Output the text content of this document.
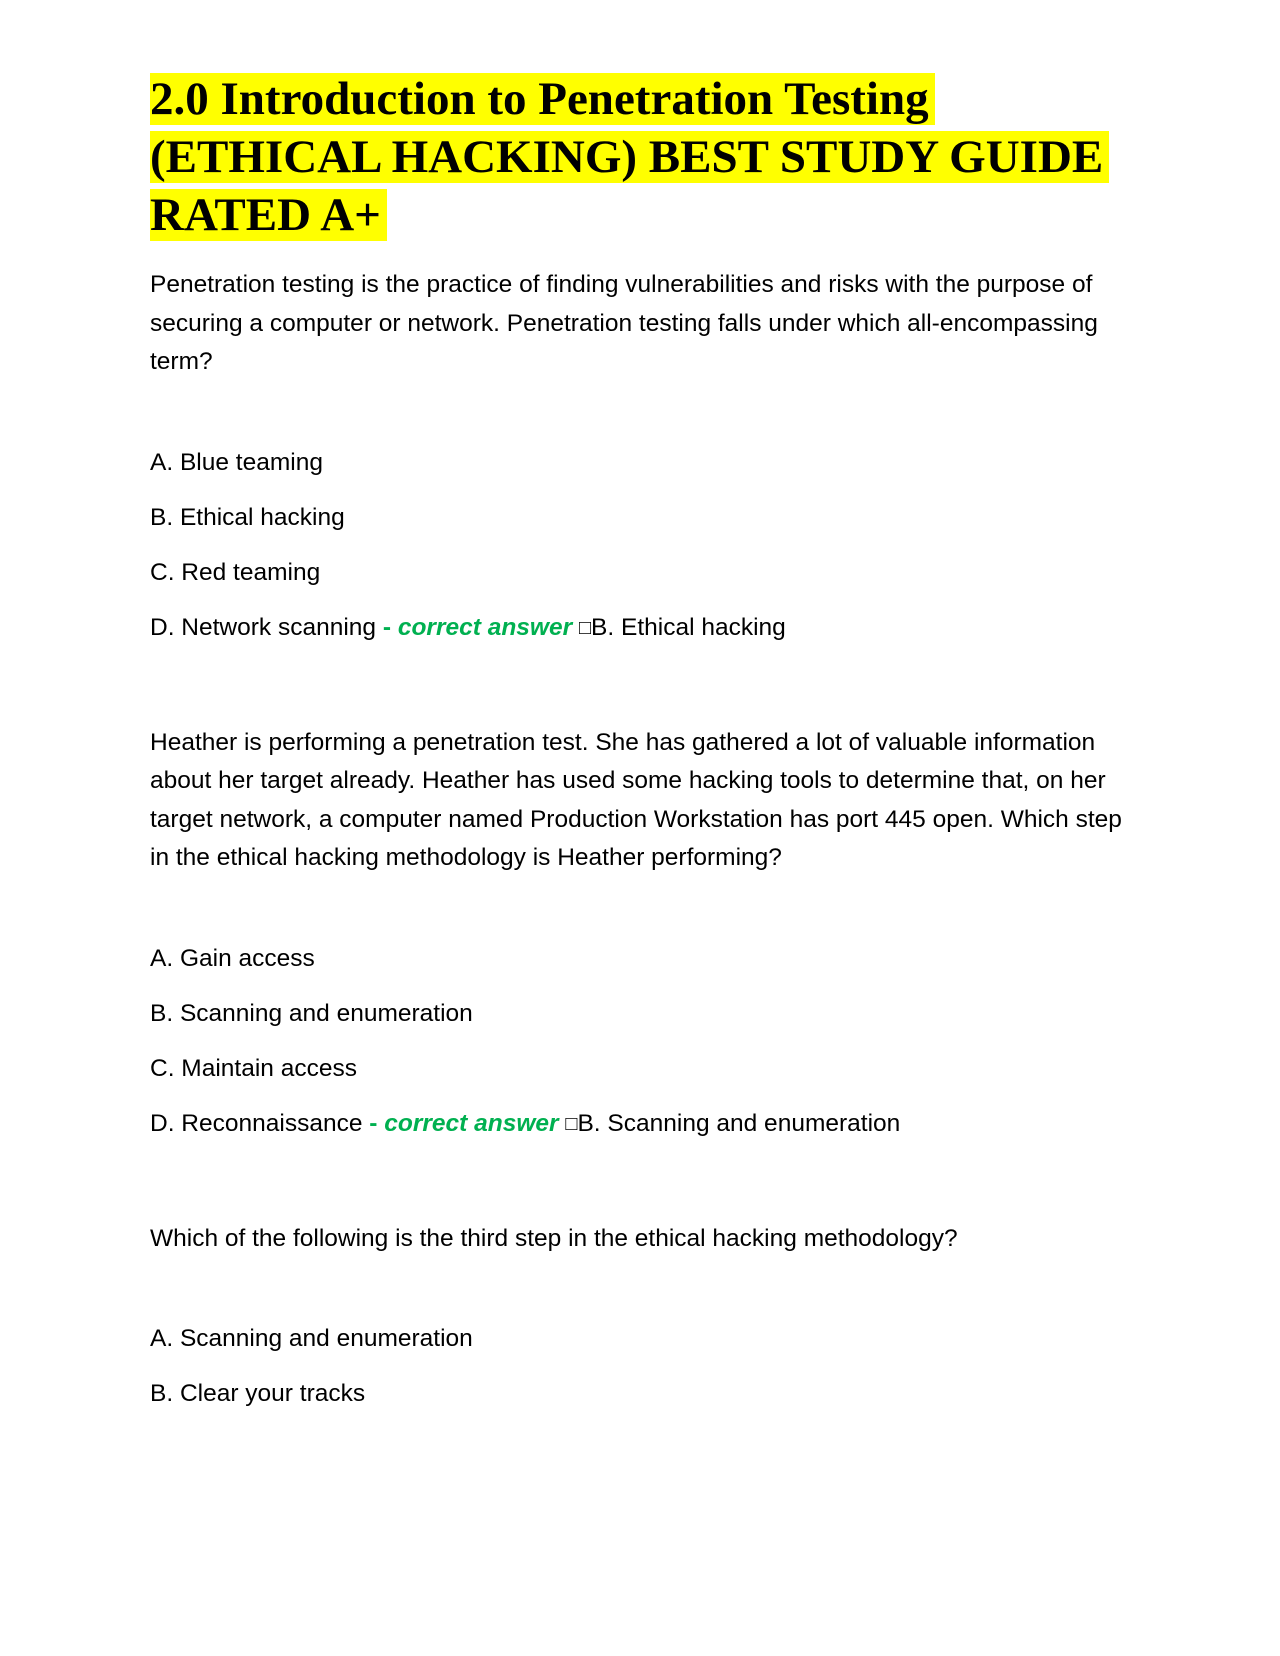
2.0 Introduction to Penetration Testing (ETHICAL HACKING) BEST STUDY GUIDE RATED A+

Penetration testing is the practice of finding vulnerabilities and risks with the purpose of securing a computer or network. Penetration testing falls under which all-encompassing term?

A. Blue teaming

B. Ethical hacking

C. Red teaming

D. Network scanning - correct answer □B. Ethical hacking

Heather is performing a penetration test. She has gathered a lot of valuable information about her target already. Heather has used some hacking tools to determine that, on her target network, a computer named Production Workstation has port 445 open. Which step in the ethical hacking methodology is Heather performing?

A. Gain access

B. Scanning and enumeration

C. Maintain access

D. Reconnaissance - correct answer □B. Scanning and enumeration

Which of the following is the third step in the ethical hacking methodology?

A. Scanning and enumeration

B. Clear your tracks
